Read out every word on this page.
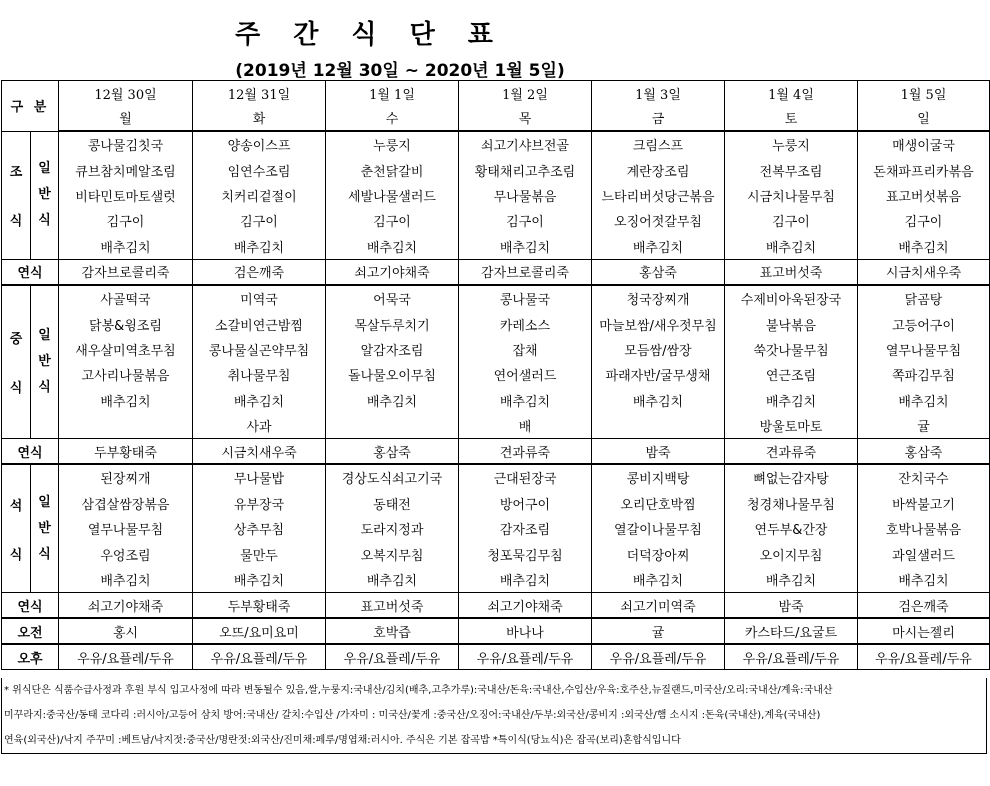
주 간 식 단 표
(2019년 12월 30일 ~ 2020년 1월 5일)
구 분		12월 30일	12월 31일	1월 1일	1월 2일	1월 3일	1월 4일	1월 5일
		월	화	수	목	금	토	일
조

식	일
반
식	콩나물김칫국	양송이스프	누룽지	쇠고기샤브전골	크림스프	누룽지	매생이굴국
		큐브참치메알조림	임연수조림	춘천닭갈비	황태채리고추조림	계란장조림	전복무조림	돈채파프리카볶음
		비타민토마토샐럿	치커리겉절이	세발나물샐러드	무나물볶음	느타리버섯당근볶음	시금치나물무침	표고버섯볶음
		김구이	김구이	김구이	김구이	오징어젓갈무침	김구이	김구이
		배추김치	배추김치	배추김치	배추김치	배추김치	배추김치	배추김치
연식		감자브로콜리죽	검은깨죽	쇠고기야채죽	감자브로콜리죽	홍삼죽	표고버섯죽	시금치새우죽
중

식	일
반
식	사골떡국	미역국	어묵국	콩나물국	청국장찌개	수제비아욱된장국	닭곰탕
		닭봉&윙조림	소갈비연근밤찜	목살두루치기	카레소스	마늘보쌈/새우젓무침	불낙볶음	고등어구이
		새우살미역초무침	콩나물실곤약무침	알감자조림	잡채	모듬쌈/쌈장	쑥갓나물무침	열무나물무침
		고사리나물볶음	취나물무침	돌나물오이무침	연어샐러드	파래자반/굴무생채	연근조림	쪽파김무침
		배추김치	배추김치	배추김치	배추김치	배추김치	배추김치	배추김치
			사과		배		방울토마토	귤
연식		두부황태죽	시금치새우죽	홍삼죽	견과류죽	밤죽	견과류죽	홍삼죽
석

식	일
반
식	된장찌개	무나물밥	경상도식쇠고기국	근대된장국	콩비지백탕	뼈없는감자탕	잔치국수
		삼겹살쌈장볶음	유부장국	동태전	방어구이	오리단호박찜	청경채나물무침	바싹불고기
		열무나물무침	상추무침	도라지정과	감자조림	열갈이나물무침	연두부&간장	호박나물볶음
		우엉조림	물만두	오복지무침	청포묵김무침	더덕장아찌	오이지무침	과일샐러드
		배추김치	배추김치	배추김치	배추김치	배추김치	배추김치	배추김치
연식		쇠고기야채죽	두부황태죽	표고버섯죽	쇠고기야채죽	쇠고기미역죽	밤죽	검은깨죽
오전		홍시	오뜨/요미요미	호박즙	바나나	귤	카스타드/요굴트	마시는젤리
오후		우유/요플레/두유	우유/요플레/두유	우유/요플레/두유	우유/요플레/두유	우유/요플레/두유	우유/요플레/두유	우유/요플레/두유
* 위식단은 식품수급사정과 후원 부식 입고사정에 따라 변동될수 있음,쌀,누룽지:국내산/김치(배추,고추가루):국내산/돈육:국내산,수입산/우육:호주산,뉴질랜드,미국산/오리:국내산/계육:국내산
미꾸라지:중국산/동태 코다리 :러시아/고등어 삼치 방어:국내산/ 갈치:수입산 /가자미 : 미국산/꽃게 :중국산/오징어:국내산/두부:외국산/콩비지 :외국산/햄 소시지 :돈육(국내산),계육(국내산)
연육(외국산)/낙지 주꾸미 :베트남/낙지젓:중국산/명란젓:외국산/진미채:페루/명엽채:러시아. 주식은 기본 잡곡밥 *특이식(당뇨식)은 잡곡(보리)혼합식입니다
